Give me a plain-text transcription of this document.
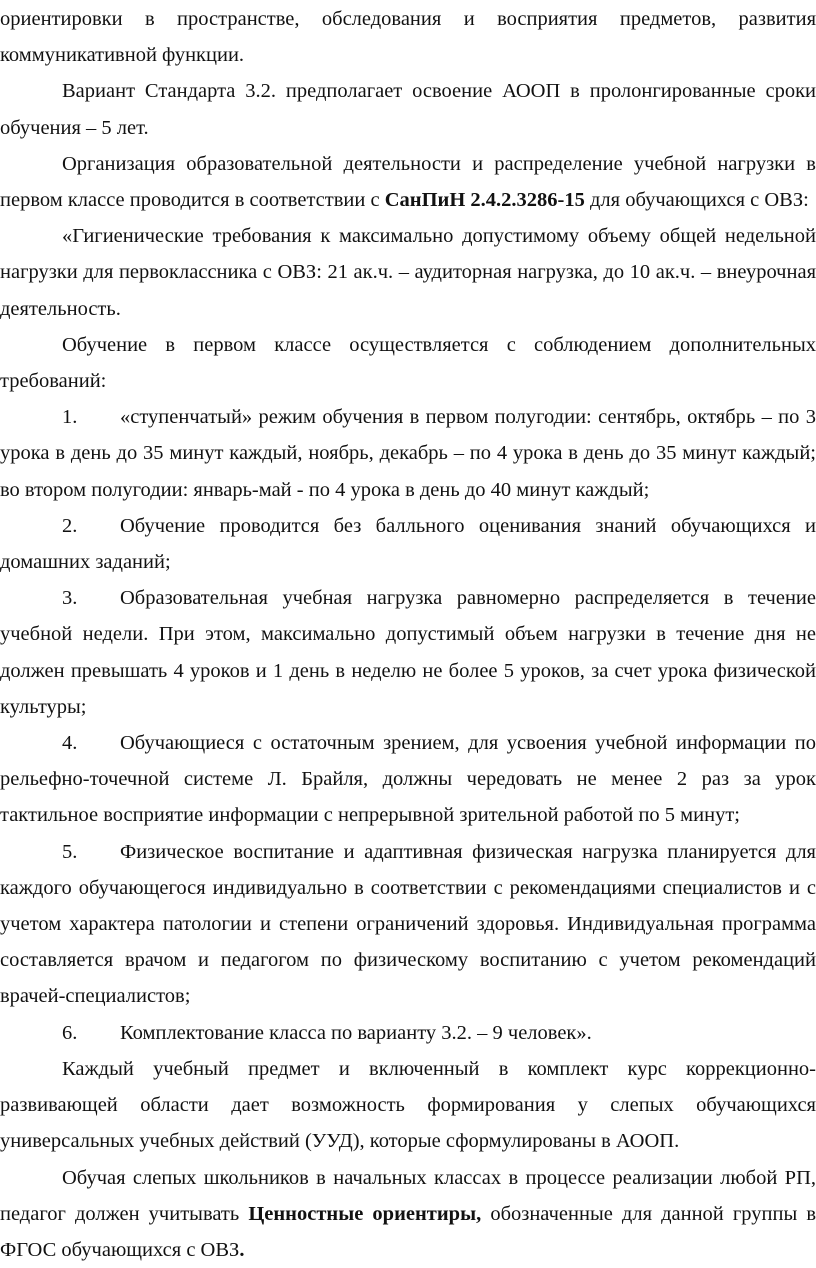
ориентировки в пространстве, обследования и восприятия предметов, развития коммуникативной функции.

Вариант Стандарта 3.2. предполагает освоение АООП в пролонгированные сроки обучения – 5 лет.

Организация образовательной деятельности и распределение учебной нагрузки в первом классе проводится в соответствии с СанПиН 2.4.2.3286-15 для обучающихся с ОВЗ:

«Гигиенические требования к максимально допустимому объему общей недельной нагрузки для первоклассника с ОВЗ: 21 ак.ч. – аудиторная нагрузка, до 10 ак.ч. – внеурочная деятельность.

Обучение в первом классе осуществляется с соблюдением дополнительных требований:

1. «ступенчатый» режим обучения в первом полугодии: сентябрь, октябрь – по 3 урока в день до 35 минут каждый, ноябрь, декабрь – по 4 урока в день до 35 минут каждый; во втором полугодии: январь-май - по 4 урока в день до 40 минут каждый;

2. Обучение проводится без балльного оценивания знаний обучающихся и домашних заданий;

3. Образовательная учебная нагрузка равномерно распределяется в течение учебной недели. При этом, максимально допустимый объем нагрузки в течение дня не должен превышать 4 уроков и 1 день в неделю не более 5 уроков, за счет урока физической культуры;

4. Обучающиеся с остаточным зрением, для усвоения учебной информации по рельефно-точечной системе Л. Брайля, должны чередовать не менее 2 раз за урок тактильное восприятие информации с непрерывной зрительной работой по 5 минут;

5. Физическое воспитание и адаптивная физическая нагрузка планируется для каждого обучающегося индивидуально в соответствии с рекомендациями специалистов и с учетом характера патологии и степени ограничений здоровья. Индивидуальная программа составляется врачом и педагогом по физическому воспитанию с учетом рекомендаций врачей-специалистов;

6. Комплектование класса по варианту 3.2. – 9 человек».

Каждый учебный предмет и включенный в комплект курс коррекционно-развивающей области дает возможность формирования у слепых обучающихся универсальных учебных действий (УУД), которые сформулированы в АООП.

Обучая слепых школьников в начальных классах в процессе реализации любой РП, педагог должен учитывать Ценностные ориентиры, обозначенные для данной группы в ФГОС обучающихся с ОВЗ.
